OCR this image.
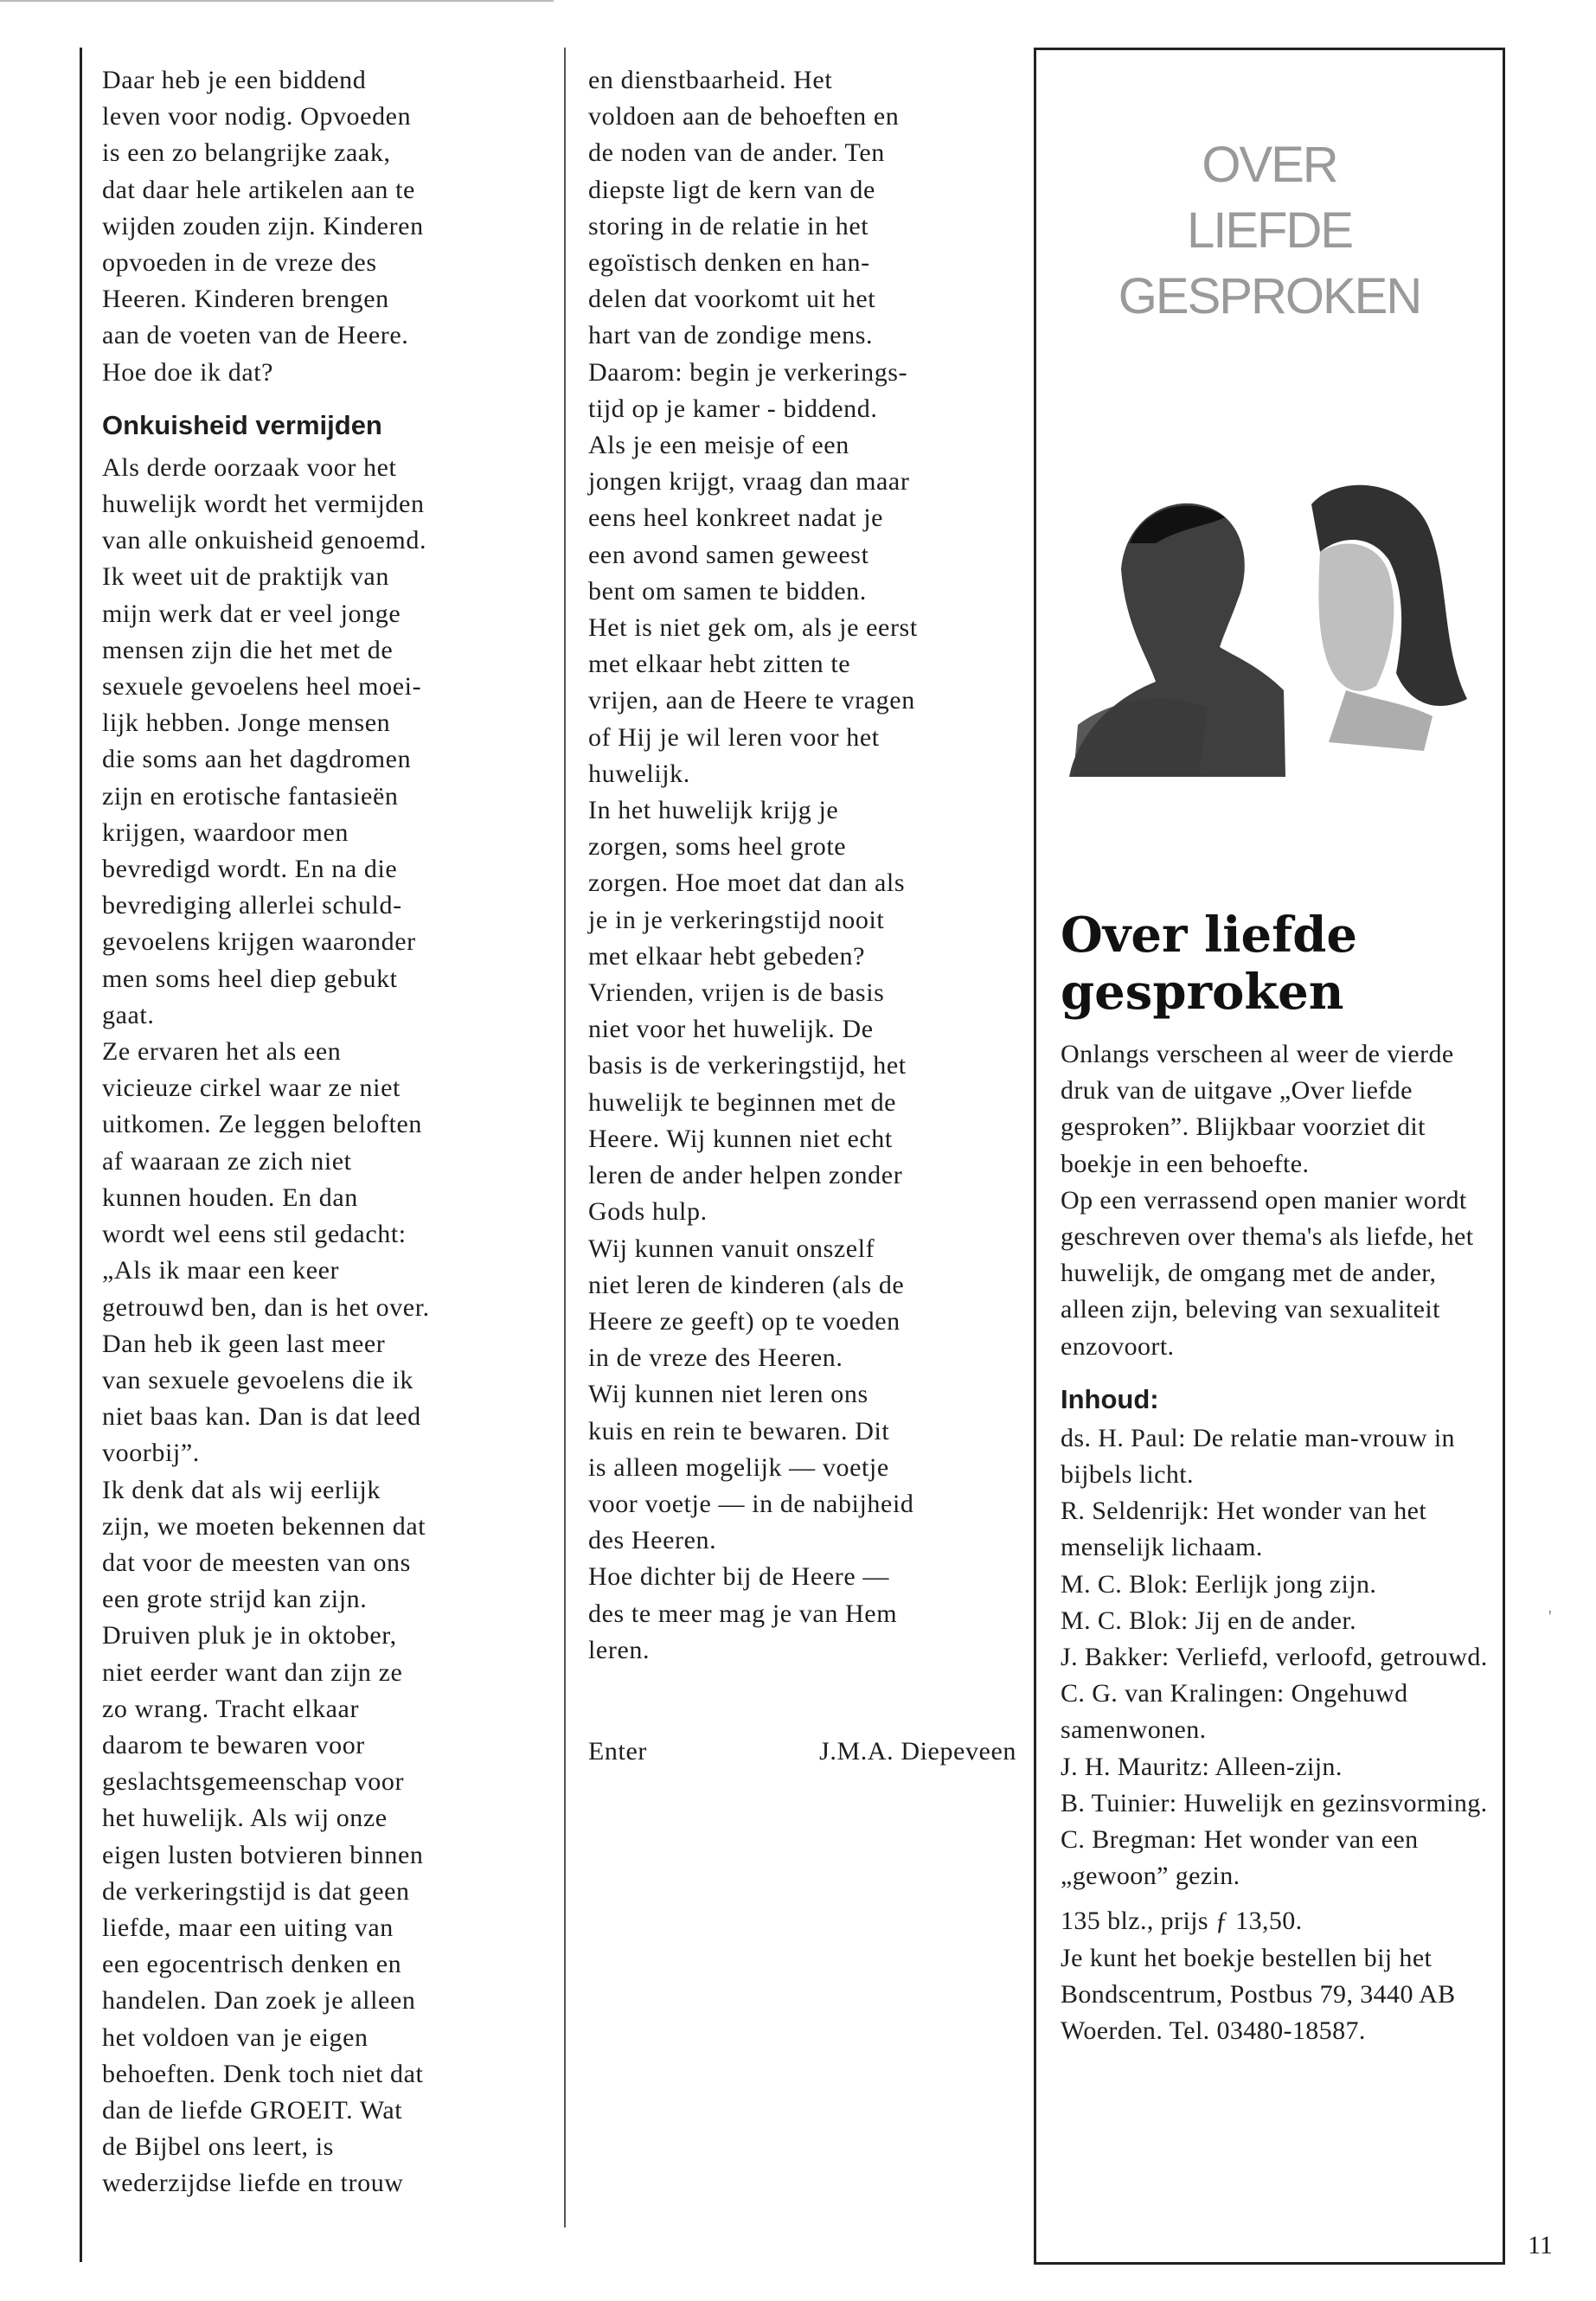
Daar heb je een biddend
leven voor nodig. Opvoeden
is een zo belangrijke zaak,
dat daar hele artikelen aan te
wijden zouden zijn. Kinderen
opvoeden in de vreze des
Heeren. Kinderen brengen
aan de voeten van de Heere.
Hoe doe ik dat?

Onkuisheid vermijden

Als derde oorzaak voor het
huwelijk wordt het vermijden
van alle onkuisheid genoemd.
Ik weet uit de praktijk van
mijn werk dat er veel jonge
mensen zijn die het met de
sexuele gevoelens heel moei-
lijk hebben. Jonge mensen
die soms aan het dagdromen
zijn en erotische fantasieën
krijgen, waardoor men
bevredigd wordt. En na die
bevrediging allerlei schuld-
gevoelens krijgen waaronder
men soms heel diep gebukt
gaat.

Ze ervaren het als een
vicieuze cirkel waar ze niet
uitkomen. Ze leggen beloften
af waaraan ze zich niet
kunnen houden. En dan
wordt wel eens stil gedacht:
„Als ik maar een keer
getrouwd ben, dan is het over.
Dan heb ik geen last meer
van sexuele gevoelens die ik
niet baas kan. Dan is dat leed
voorbij”.

Ik denk dat als wij eerlijk
zijn, we moeten bekennen dat
dat voor de meesten van ons
een grote strijd kan zijn.
Druiven pluk je in oktober,
niet eerder want dan zijn ze
zo wrang. Tracht elkaar
daarom te bewaren voor
geslachtsgemeenschap voor
het huwelijk. Als wij onze
eigen lusten botvieren binnen
de verkeringstijd is dat geen
liefde, maar een uiting van
een egocentrisch denken en
handelen. Dan zoek je alleen
het voldoen van je eigen
behoeften. Denk toch niet dat
dan de liefde GROEIT. Wat
de Bijbel ons leert, is
wederzijdse liefde en trouw

en dienstbaarheid. Het
voldoen aan de behoeften en
de noden van de ander. Ten
diepste ligt de kern van de
storing in de relatie in het
egoïstisch denken en han-
delen dat voorkomt uit het
hart van de zondige mens.

Daarom: begin je verkerings-
tijd op je kamer - biddend.
Als je een meisje of een
jongen krijgt, vraag dan maar
eens heel konkreet nadat je
een avond samen geweest
bent om samen te bidden.
Het is niet gek om, als je eerst
met elkaar hebt zitten te
vrijen, aan de Heere te vragen
of Hij je wil leren voor het
huwelijk.

In het huwelijk krijg je
zorgen, soms heel grote
zorgen. Hoe moet dat dan als
je in je verkeringstijd nooit
met elkaar hebt gebeden?
Vrienden, vrijen is de basis
niet voor het huwelijk. De
basis is de verkeringstijd, het
huwelijk te beginnen met de
Heere. Wij kunnen niet echt
leren de ander helpen zonder
Gods hulp.

Wij kunnen vanuit onszelf
niet leren de kinderen (als de
Heere ze geeft) op te voeden
in de vreze des Heeren.
Wij kunnen niet leren ons
kuis en rein te bewaren. Dit
is alleen mogelijk — voetje
voor voetje — in de nabijheid
des Heeren.

Hoe dichter bij de Heere —
des te meer mag je van Hem
leren.

Enter	J.M.A. Diepeveen

OVER
LIEFDE
GESPROKEN
Over liefde gesproken

Onlangs verscheen al weer de vierde druk van de uitgave „Over liefde gesproken”. Blijkbaar voorziet dit boekje in een behoefte.

Op een verrassend open manier wordt geschreven over thema's als liefde, het huwelijk, de omgang met de ander, alleen zijn, beleving van sexualiteit enzovoort.

Inhoud:

ds. H. Paul: De relatie man-vrouw in bijbels licht.
R. Seldenrijk: Het wonder van het menselijk lichaam.
M. C. Blok: Eerlijk jong zijn.
M. C. Blok: Jij en de ander.
J. Bakker: Verliefd, verloofd, getrouwd.
C. G. van Kralingen: Ongehuwd samenwonen.
J. H. Mauritz: Alleen-zijn.
B. Tuinier: Huwelijk en gezinsvorming.
C. Bregman: Het wonder van een „gewoon” gezin.

135 blz., prijs ƒ 13,50.

Je kunt het boekje bestellen bij het Bondscentrum, Postbus 79, 3440 AB Woerden. Tel. 03480-18587.

'
11
